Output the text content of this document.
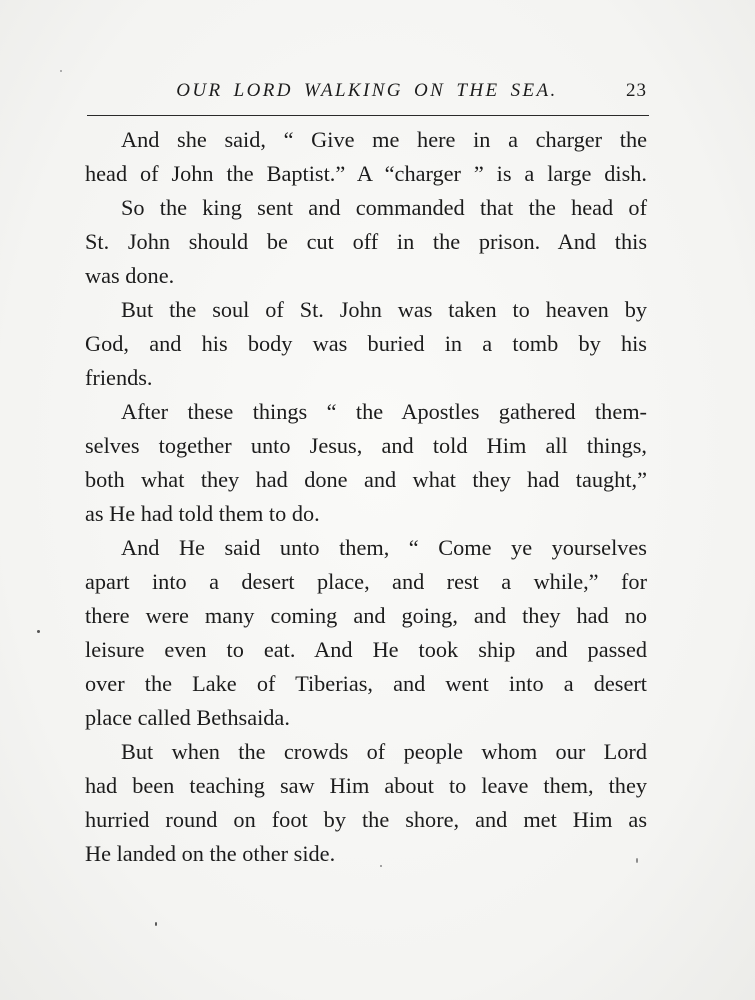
OUR LORD WALKING ON THE SEA.	23

And she said, “ Give me here in a charger the
head of John the Baptist.” A “charger ” is a large dish.

So the king sent and commanded that the head of
St. John should be cut off in the prison. And this
was done.

But the soul of St. John was taken to heaven by
God, and his body was buried in a tomb by his
friends.

After these things “ the Apostles gathered them-
selves together unto Jesus, and told Him all things,
both what they had done and what they had taught,”
as He had told them to do.

And He said unto them, “ Come ye yourselves
apart into a desert place, and rest a while,” for
there were many coming and going, and they had no
leisure even to eat. And He took ship and passed
over the Lake of Tiberias, and went into a desert
place called Bethsaida.

But when the crowds of people whom our Lord
had been teaching saw Him about to leave them, they
hurried round on foot by the shore, and met Him as
He landed on the other side.
